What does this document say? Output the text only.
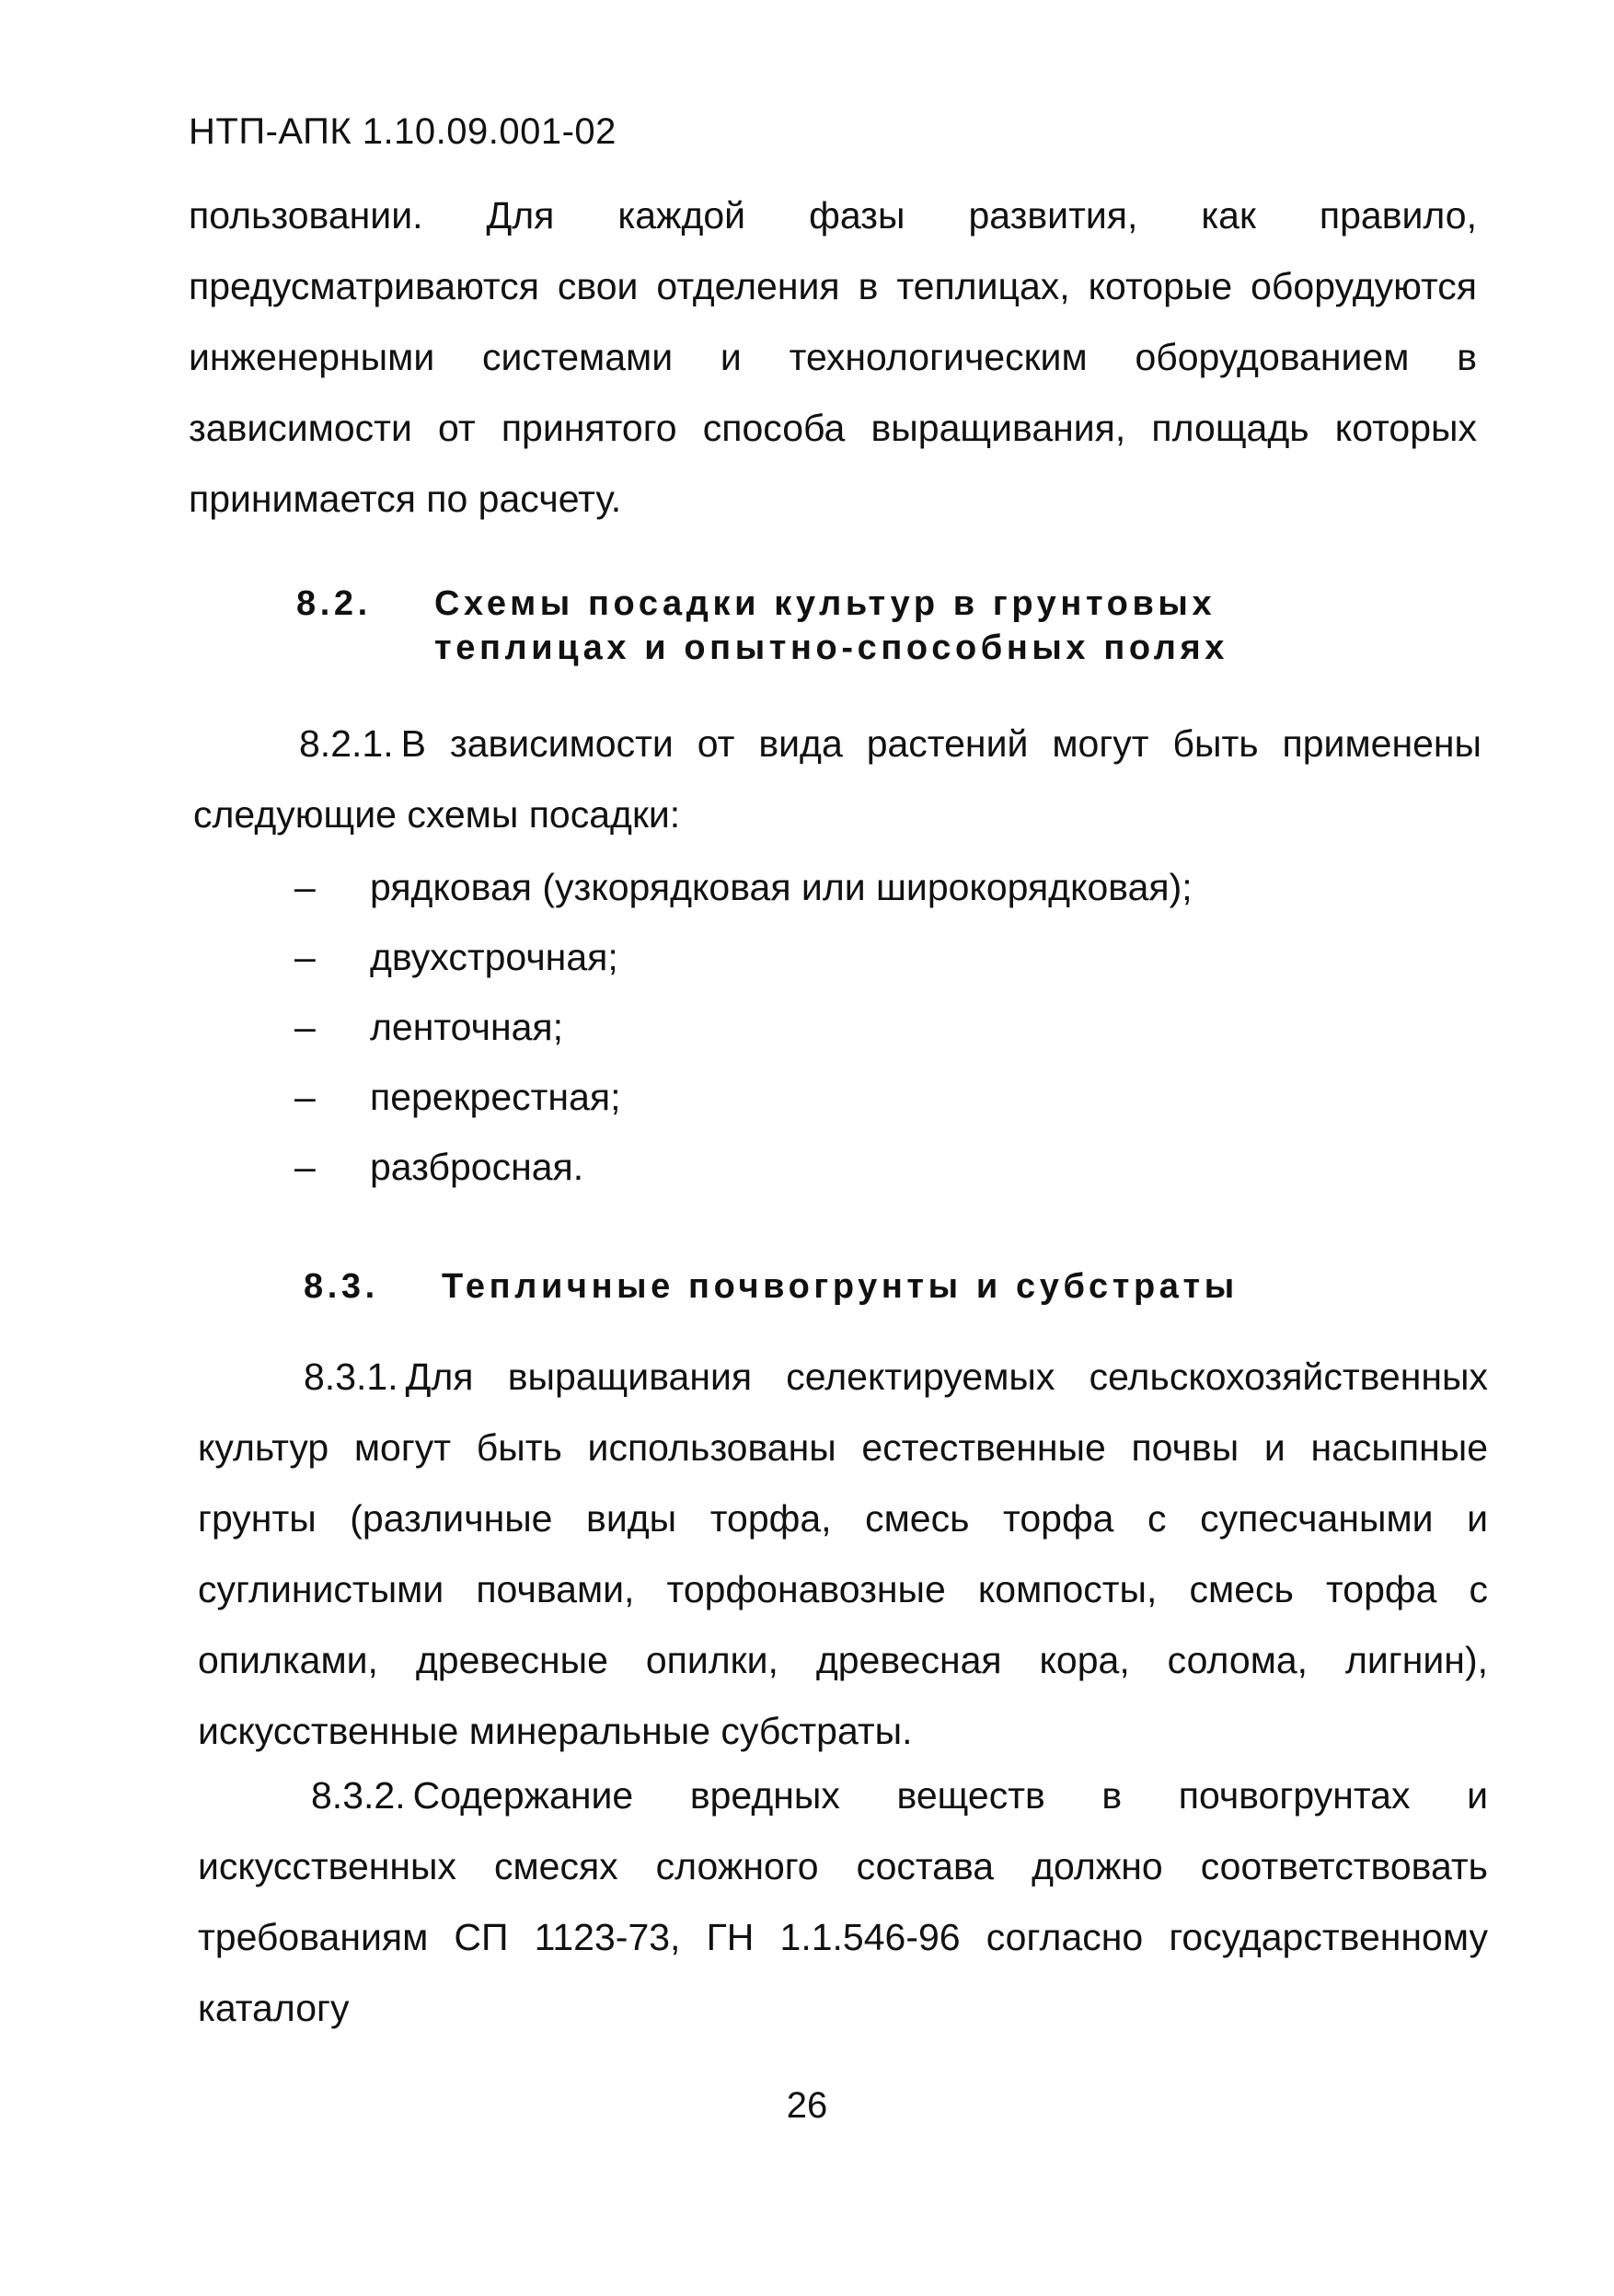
НТП-АПК 1.10.09.001-02

пользовании. Для каждой фазы развития, как правило, предусматриваются свои отделения в теплицах, которые оборудуются инженерными системами и технологическим оборудованием в зависимости от принятого способа выращивания, площадь которых принимается по расчету.

8.2. Схемы посадки культур в грунтовых
теплицах и опытно-способных полях

8.2.1. В зависимости от вида растений могут быть применены следующие схемы посадки:

– рядковая (узкорядковая или широкорядковая);
– двухстрочная;
– ленточная;
– перекрестная;
– разбросная.
8.3. Тепличные почвогрунты и субстраты

8.3.1. Для выращивания селектируемых сельскохозяйственных культур могут быть использованы естественные почвы и насыпные грунты (различные виды торфа, смесь торфа с супесчаными и суглинистыми почвами, торфонавозные компосты, смесь торфа с опилками, древесные опилки, древесная кора, солома, лигнин), искусственные минеральные субстраты.

8.3.2. Содержание вредных веществ в почвогрунтах и искусственных смесях сложного состава должно соответствовать требованиям СП 1123-73, ГН 1.1.546-96 согласно государственному каталогу

26
